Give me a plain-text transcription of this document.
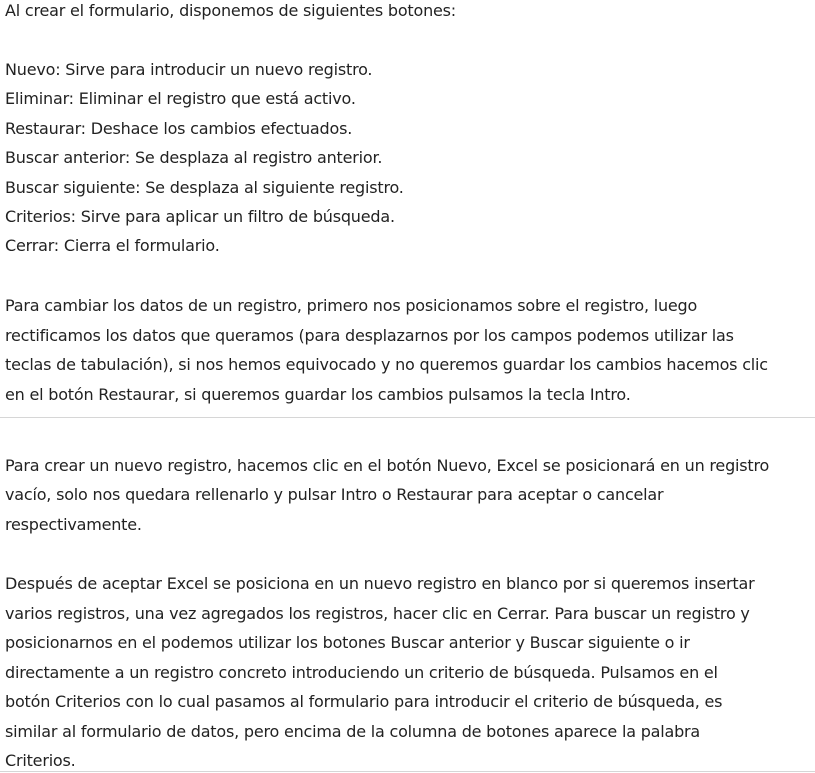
Al crear el formulario, disponemos de siguientes botones:
Nuevo: Sirve para introducir un nuevo registro.
Eliminar: Eliminar el registro que está activo.
Restaurar: Deshace los cambios efectuados.
Buscar anterior: Se desplaza al registro anterior.
Buscar siguiente: Se desplaza al siguiente registro.
Criterios: Sirve para aplicar un filtro de búsqueda.
Cerrar: Cierra el formulario.
Para cambiar los datos de un registro, primero nos posicionamos sobre el registro, luego
rectificamos los datos que queramos (para desplazarnos por los campos podemos utilizar las
teclas de tabulación), si nos hemos equivocado y no queremos guardar los cambios hacemos clic
en el botón Restaurar, si queremos guardar los cambios pulsamos la tecla Intro.
Para crear un nuevo registro, hacemos clic en el botón Nuevo, Excel se posicionará en un registro
vacío, solo nos quedara rellenarlo y pulsar Intro o Restaurar para aceptar o cancelar
respectivamente.
Después de aceptar Excel se posiciona en un nuevo registro en blanco por si queremos insertar
varios registros, una vez agregados los registros, hacer clic en Cerrar. Para buscar un registro y
posicionarnos en el podemos utilizar los botones Buscar anterior y Buscar siguiente o ir
directamente a un registro concreto introduciendo un criterio de búsqueda. Pulsamos en el
botón Criterios con lo cual pasamos al formulario para introducir el criterio de búsqueda, es
similar al formulario de datos, pero encima de la columna de botones aparece la palabra
Criterios.
